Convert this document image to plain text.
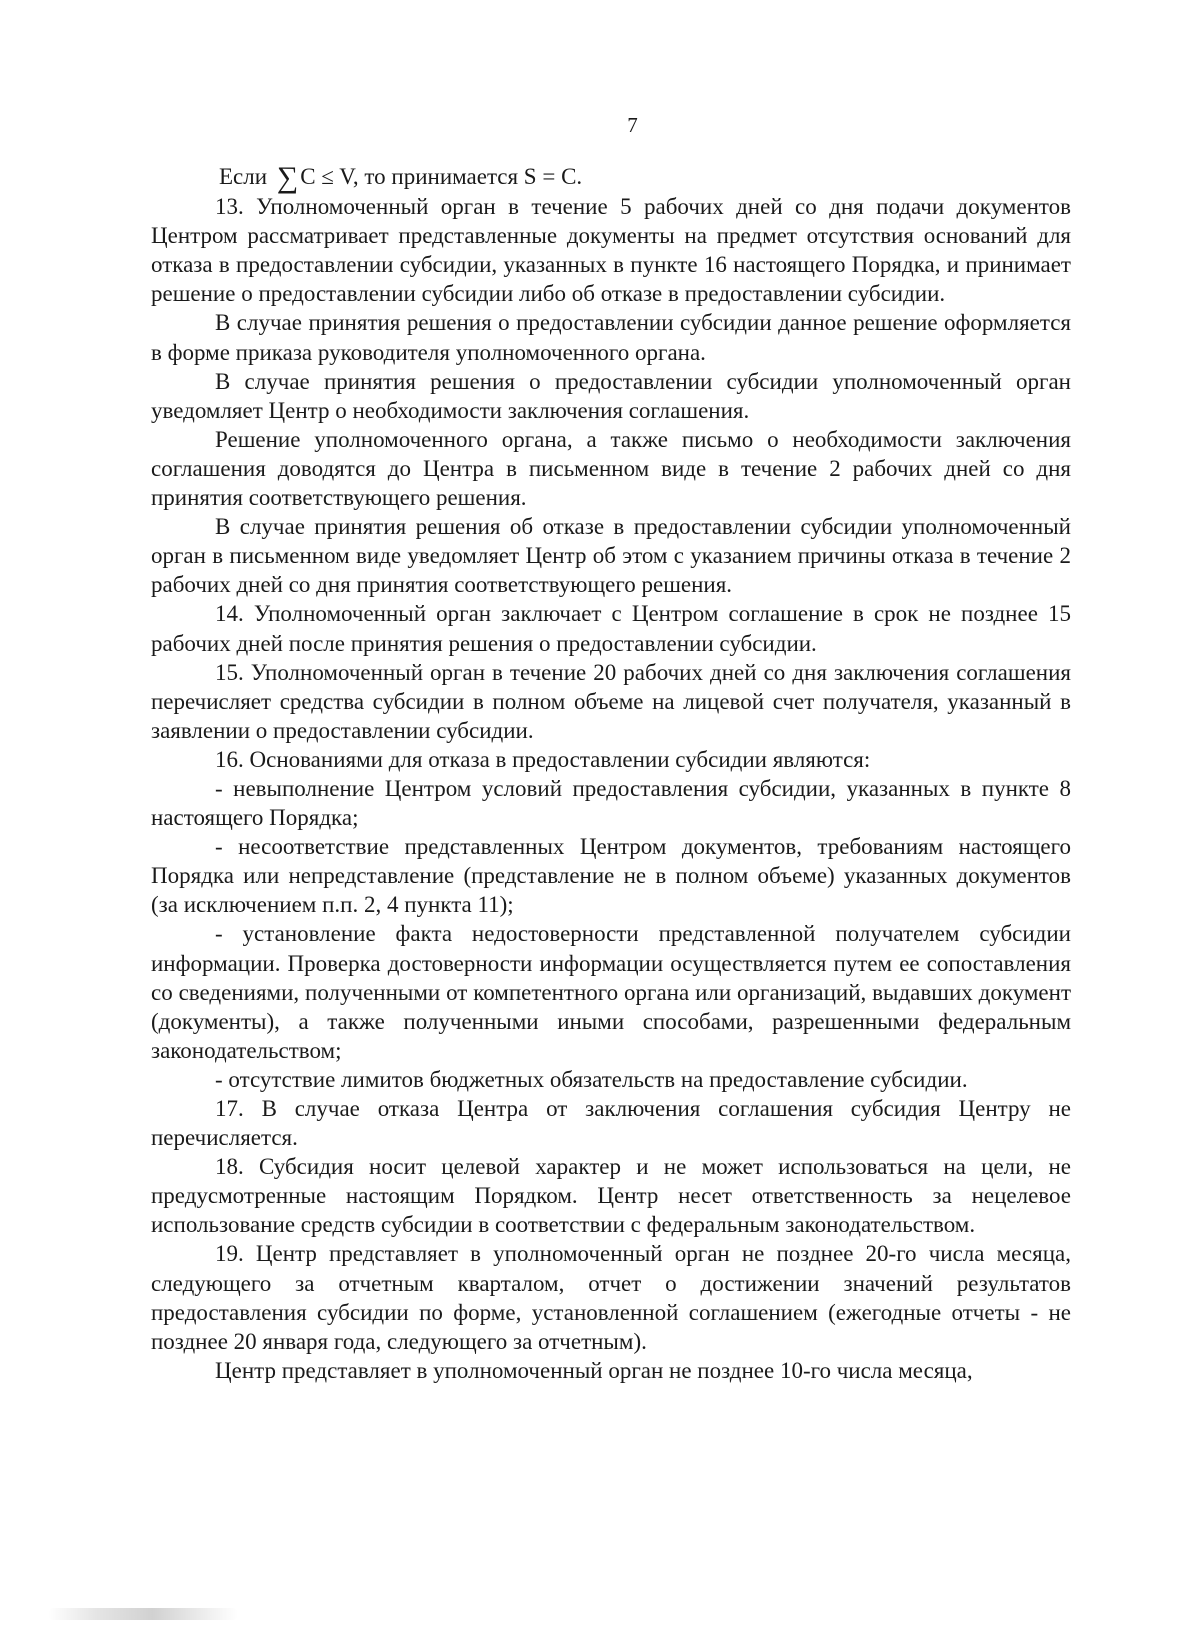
7

Если ∑C ≤ V, то принимается S = C.

13. Уполномоченный орган в течение 5 рабочих дней со дня подачи документов Центром рассматривает представленные документы на предмет отсутствия оснований для отказа в предоставлении субсидии, указанных в пункте 16 настоящего Порядка, и принимает решение о предоставлении субсидии либо об отказе в предоставлении субсидии.

В случае принятия решения о предоставлении субсидии данное решение оформляется в форме приказа руководителя уполномоченного органа.

В случае принятия решения о предоставлении субсидии уполномоченный орган уведомляет Центр о необходимости заключения соглашения.

Решение уполномоченного органа, а также письмо о необходимости заключения соглашения доводятся до Центра в письменном виде в течение 2 рабочих дней со дня принятия соответствующего решения.

В случае принятия решения об отказе в предоставлении субсидии уполномоченный орган в письменном виде уведомляет Центр об этом с указанием причины отказа в течение 2 рабочих дней со дня принятия соответствующего решения.

14. Уполномоченный орган заключает с Центром соглашение в срок не позднее 15 рабочих дней после принятия решения о предоставлении субсидии.

15. Уполномоченный орган в течение 20 рабочих дней со дня заключения соглашения перечисляет средства субсидии в полном объеме на лицевой счет получателя, указанный в заявлении о предоставлении субсидии.

16. Основаниями для отказа в предоставлении субсидии являются:

- невыполнение Центром условий предоставления субсидии, указанных в пункте 8 настоящего Порядка;

- несоответствие представленных Центром документов, требованиям настоящего Порядка или непредставление (представление не в полном объеме) указанных документов (за исключением п.п. 2, 4 пункта 11);

- установление факта недостоверности представленной получателем субсидии информации. Проверка достоверности информации осуществляется путем ее сопоставления со сведениями, полученными от компетентного органа или организаций, выдавших документ (документы), а также полученными иными способами, разрешенными федеральным законодательством;

- отсутствие лимитов бюджетных обязательств на предоставление субсидии.

17. В случае отказа Центра от заключения соглашения субсидия Центру не перечисляется.

18. Субсидия носит целевой характер и не может использоваться на цели, не предусмотренные настоящим Порядком. Центр несет ответственность за нецелевое использование средств субсидии в соответствии с федеральным законодательством.

19. Центр представляет в уполномоченный орган не позднее 20-го числа месяца, следующего за отчетным кварталом, отчет о достижении значений результатов предоставления субсидии по форме, установленной соглашением (ежегодные отчеты - не позднее 20 января года, следующего за отчетным).

Центр представляет в уполномоченный орган не позднее 10-го числа месяца,
